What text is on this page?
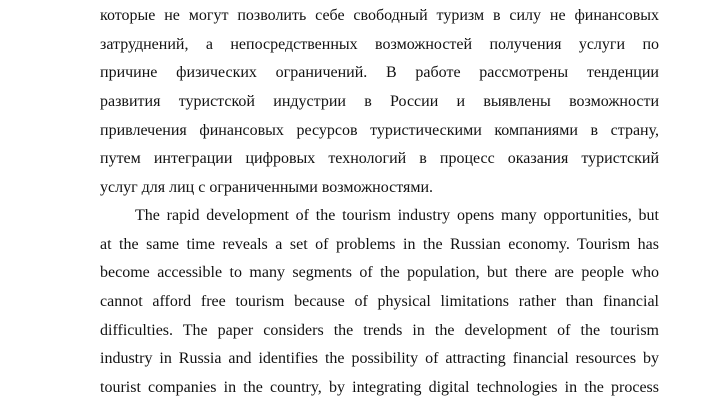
которые не могут позволить себе свободный туризм в силу не финансовых
затруднений, а непосредственных возможностей получения услуги по
причине физических ограничений. В работе рассмотрены тенденции
развития туристской индустрии в России и выявлены возможности
привлечения финансовых ресурсов туристическими компаниями в страну,
путем интеграции цифровых технологий в процесс оказания туристский
услуг для лиц с ограниченными возможностями.
The rapid development of the tourism industry opens many opportunities, but
at the same time reveals a set of problems in the Russian economy. Tourism has
become accessible to many segments of the population, but there are people who
cannot afford free tourism because of physical limitations rather than financial
difficulties. The paper considers the trends in the development of the tourism
industry in Russia and identifies the possibility of attracting financial resources by
tourist companies in the country, by integrating digital technologies in the process
